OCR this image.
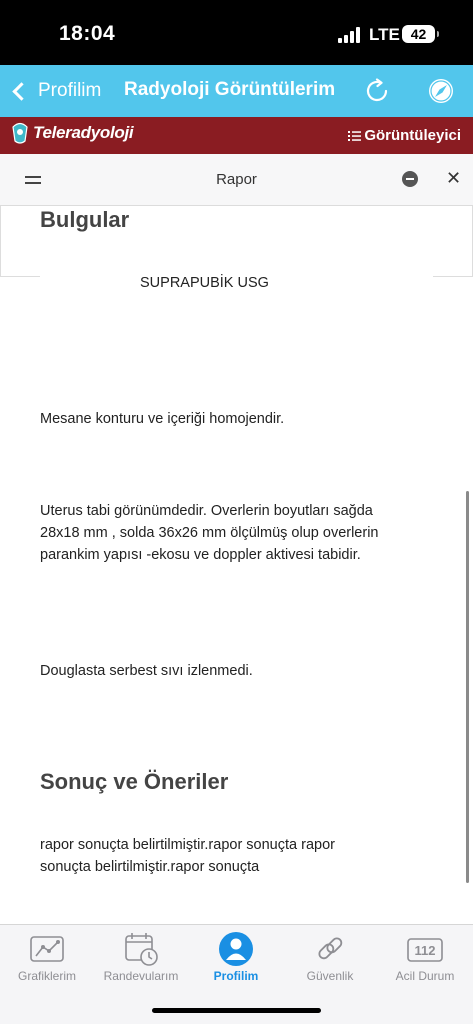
18:04	LTE 42
Profilim Radyoloji Görüntülerim
Teleradyoloji	Görüntüleyici
Rapor	✕
Bulgular
SUPRAPUBİK USG
Mesane konturu ve içeriği homojendir.
Uterus tabi görünümdedir. Overlerin boyutları sağda 28x18 mm , solda 36x26 mm ölçülmüş olup overlerin parankim yapısı -ekosu ve doppler aktivesi tabidir.
Douglasta serbest sıvı izlenmedi.
Sonuç ve Öneriler
rapor sonuçta belirtilmiştir.rapor sonuçta rapor sonuçta belirtilmiştir.rapor sonuçta
Grafiklerim	Randevularım	Profilim	Güvenlik
112
Acil Durum
